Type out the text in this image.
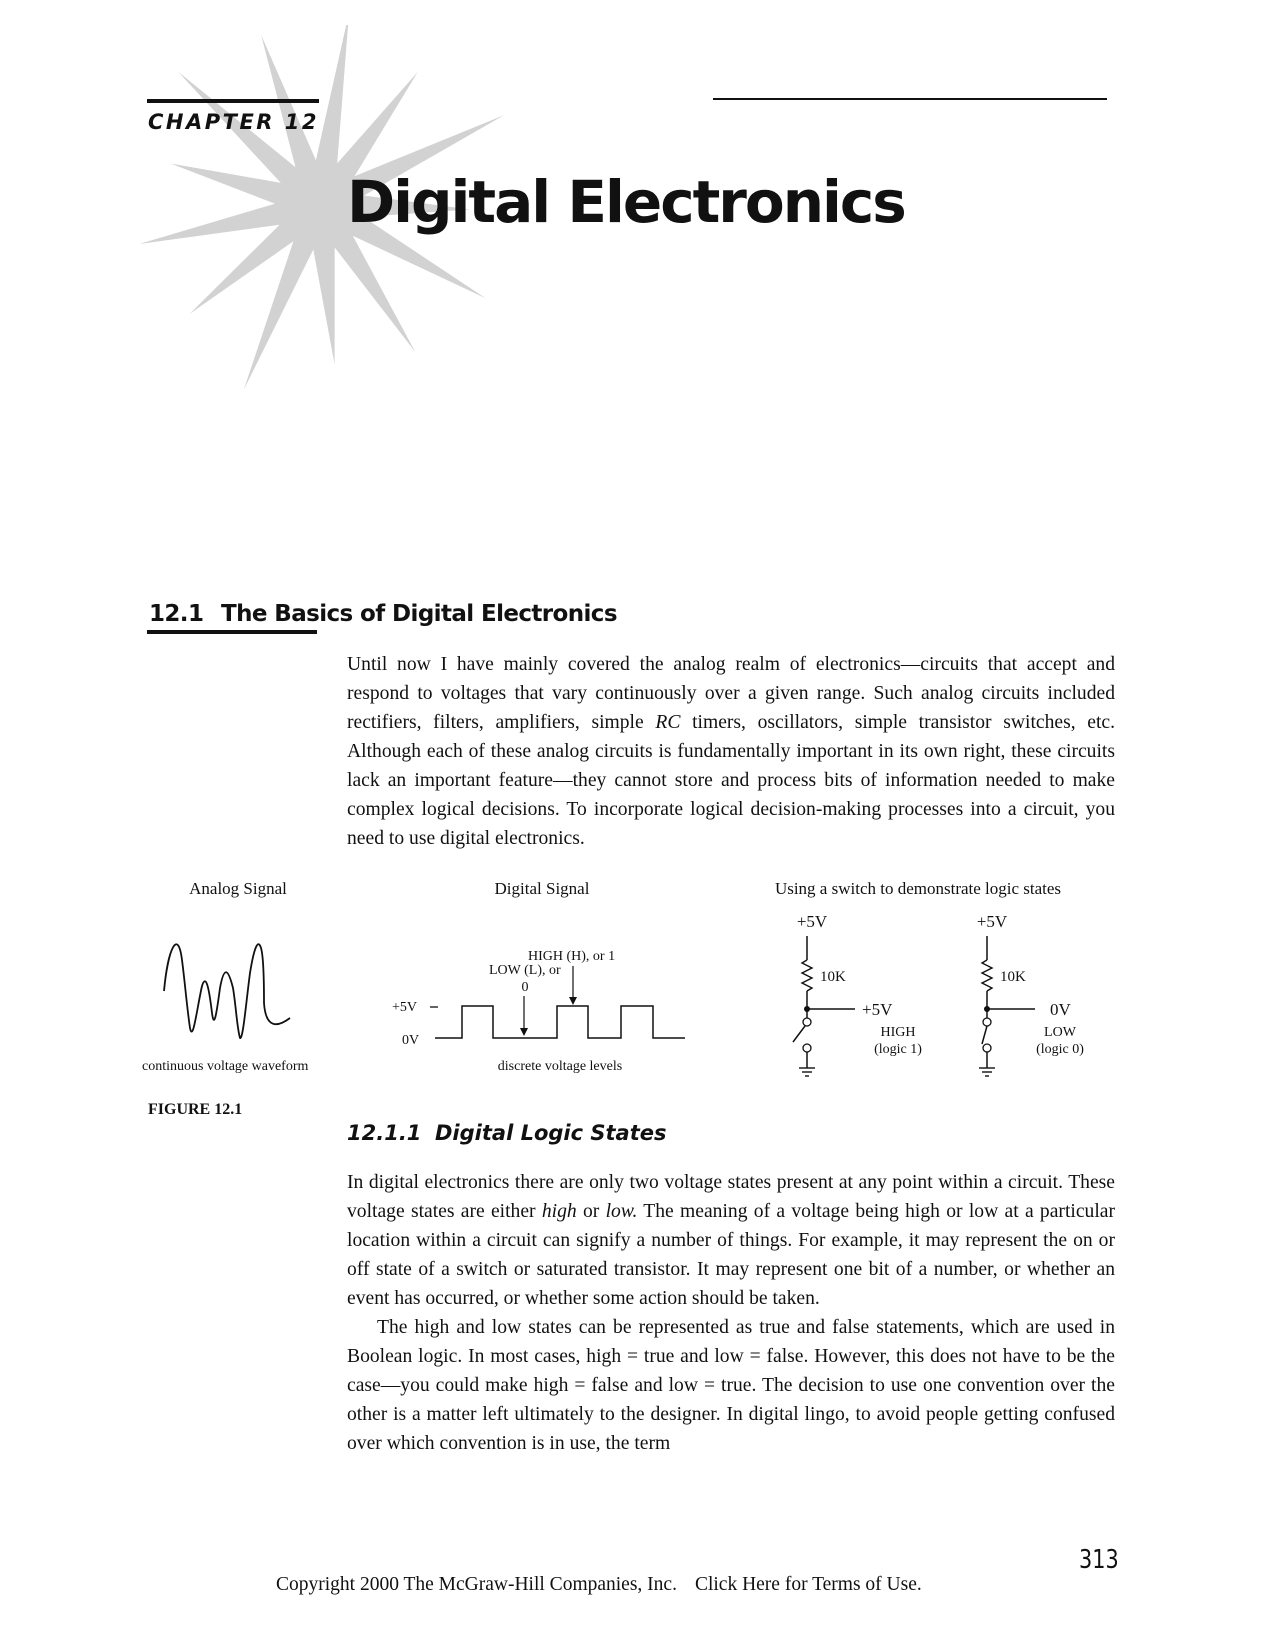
CHAPTER 12
Digital Electronics
12.1 The Basics of Digital Electronics

Until now I have mainly covered the analog realm of electronics—circuits that accept and respond to voltages that vary continuously over a given range. Such analog circuits included rectifiers, filters, amplifiers, simple RC timers, oscillators, simple transistor switches, etc. Although each of these analog circuits is fundamentally important in its own right, these circuits lack an important feature—they cannot store and process bits of information needed to make complex logical decisions. To incorporate logical decision-making processes into a circuit, you need to use digital electronics.

Analog Signal
continuous voltage waveform
Digital Signal
HIGH (H), or 1
LOW (L), or
0
+5V
0V
discrete voltage levels
Using a switch to demonstrate logic states
+5V
10K
+5V
HIGH
(logic 1)
+5V
10K
0V
LOW
(logic 0)
FIGURE 12.1
12.1.1 Digital Logic States

In digital electronics there are only two voltage states present at any point within a circuit. These voltage states are either high or low. The meaning of a voltage being high or low at a particular location within a circuit can signify a number of things. For example, it may represent the on or off state of a switch or saturated transistor. It may represent one bit of a number, or whether an event has occurred, or whether some action should be taken.

The high and low states can be represented as true and false statements, which are used in Boolean logic. In most cases, high = true and low = false. However, this does not have to be the case—you could make high = false and low = true. The decision to use one convention over the other is a matter left ultimately to the designer. In digital lingo, to avoid people getting confused over which convention is in use, the term

313
Copyright 2000 The McGraw-Hill Companies, Inc. Click Here for Terms of Use.
